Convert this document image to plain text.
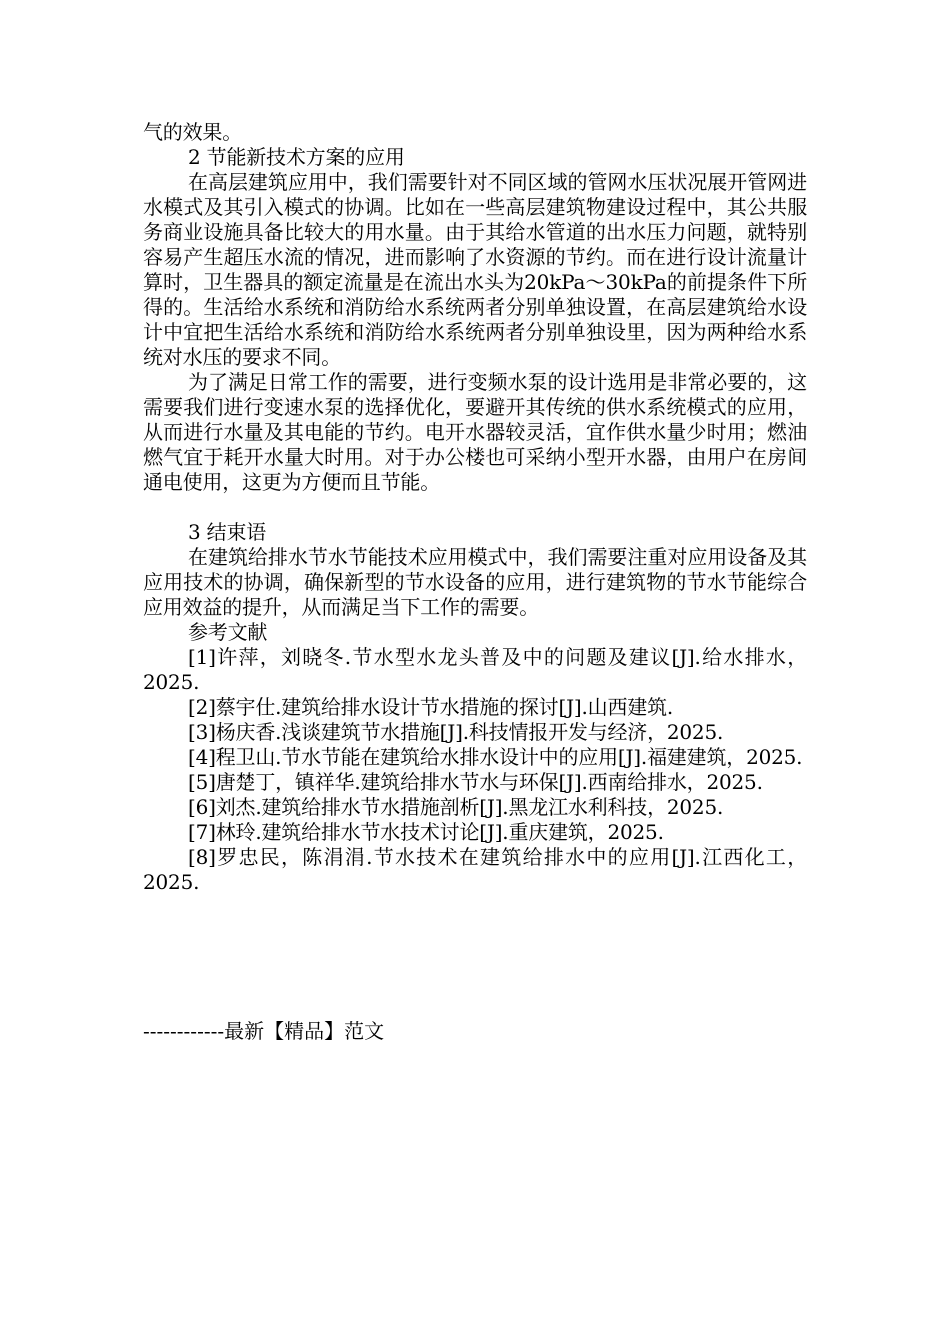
气的效果。

2 节能新技术方案的应用

在高层建筑应用中，我们需要针对不同区域的管网水压状况展开管网进水模式及其引入模式的协调。比如在一些高层建筑物建设过程中，其公共服务商业设施具备比较大的用水量。由于其给水管道的出水压力问题，就特别容易产生超压水流的情况，进而影响了水资源的节约。而在进行设计流量计算时，卫生器具的额定流量是在流出水头为20kPa～30kPa的前提条件下所得的。生活给水系统和消防给水系统两者分别单独设置，在高层建筑给水设计中宜把生活给水系统和消防给水系统两者分别单独设里，因为两种给水系统对水压的要求不同。

为了满足日常工作的需要，进行变频水泵的设计选用是非常必要的，这需要我们进行变速水泵的选择优化，要避开其传统的供水系统模式的应用，从而进行水量及其电能的节约。电开水器较灵活，宜作供水量少时用；燃油燃气宜于耗开水量大时用。对于办公楼也可采纳小型开水器，由用户在房间通电使用，这更为方便而且节能。

3 结束语

在建筑给排水节水节能技术应用模式中，我们需要注重对应用设备及其应用技术的协调，确保新型的节水设备的应用，进行建筑物的节水节能综合应用效益的提升，从而满足当下工作的需要。

参考文献

[1]许萍，刘晓冬.节水型水龙头普及中的问题及建议[J].给水排水，2025.

[2]蔡宇仕.建筑给排水设计节水措施的探讨[J].山西建筑.

[3]杨庆香.浅谈建筑节水措施[J].科技情报开发与经济，2025.

[4]程卫山.节水节能在建筑给水排水设计中的应用[J].福建建筑，2025.

[5]唐楚丁，镇祥华.建筑给排水节水与环保[J].西南给排水，2025.

[6]刘杰.建筑给排水节水措施剖析[J].黑龙江水利科技，2025.

[7]林玲.建筑给排水节水技术讨论[J].重庆建筑，2025.

[8]罗忠民，陈涓涓.节水技术在建筑给排水中的应用[J].江西化工，2025.

------------最新【精品】范文
